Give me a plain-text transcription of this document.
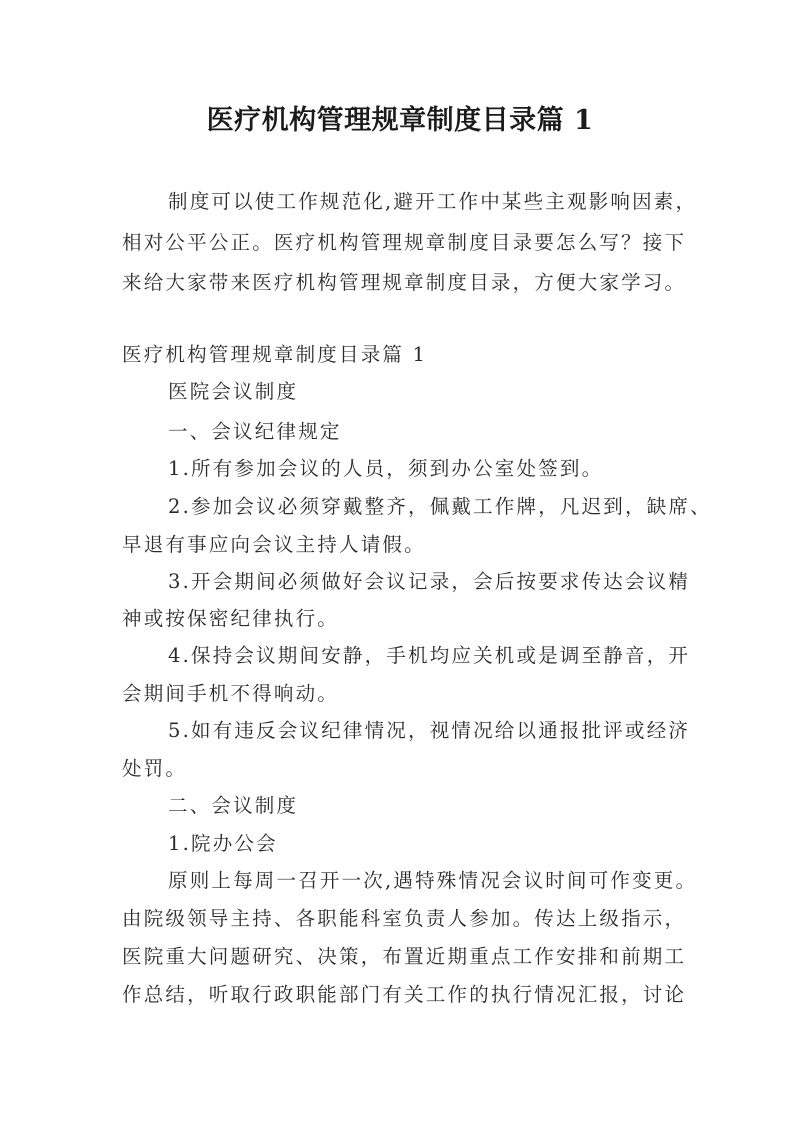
医疗机构管理规章制度目录篇 1
制度可以使工作规范化,避开工作中某些主观影响因素，
相对公平公正。医疗机构管理规章制度目录要怎么写？接下
来给大家带来医疗机构管理规章制度目录，方便大家学习。
医疗机构管理规章制度目录篇 1
医院会议制度
一、会议纪律规定
1.所有参加会议的人员，须到办公室处签到。
2.参加会议必须穿戴整齐，佩戴工作牌，凡迟到，缺席、
早退有事应向会议主持人请假。
3.开会期间必须做好会议记录，会后按要求传达会议精
神或按保密纪律执行。
4.保持会议期间安静，手机均应关机或是调至静音，开
会期间手机不得响动。
5.如有违反会议纪律情况，视情况给以通报批评或经济
处罚。
二、会议制度
1.院办公会
原则上每周一召开一次,遇特殊情况会议时间可作变更。
由院级领导主持、各职能科室负责人参加。传达上级指示，
医院重大问题研究、决策，布置近期重点工作安排和前期工
作总结，听取行政职能部门有关工作的执行情况汇报，讨论
